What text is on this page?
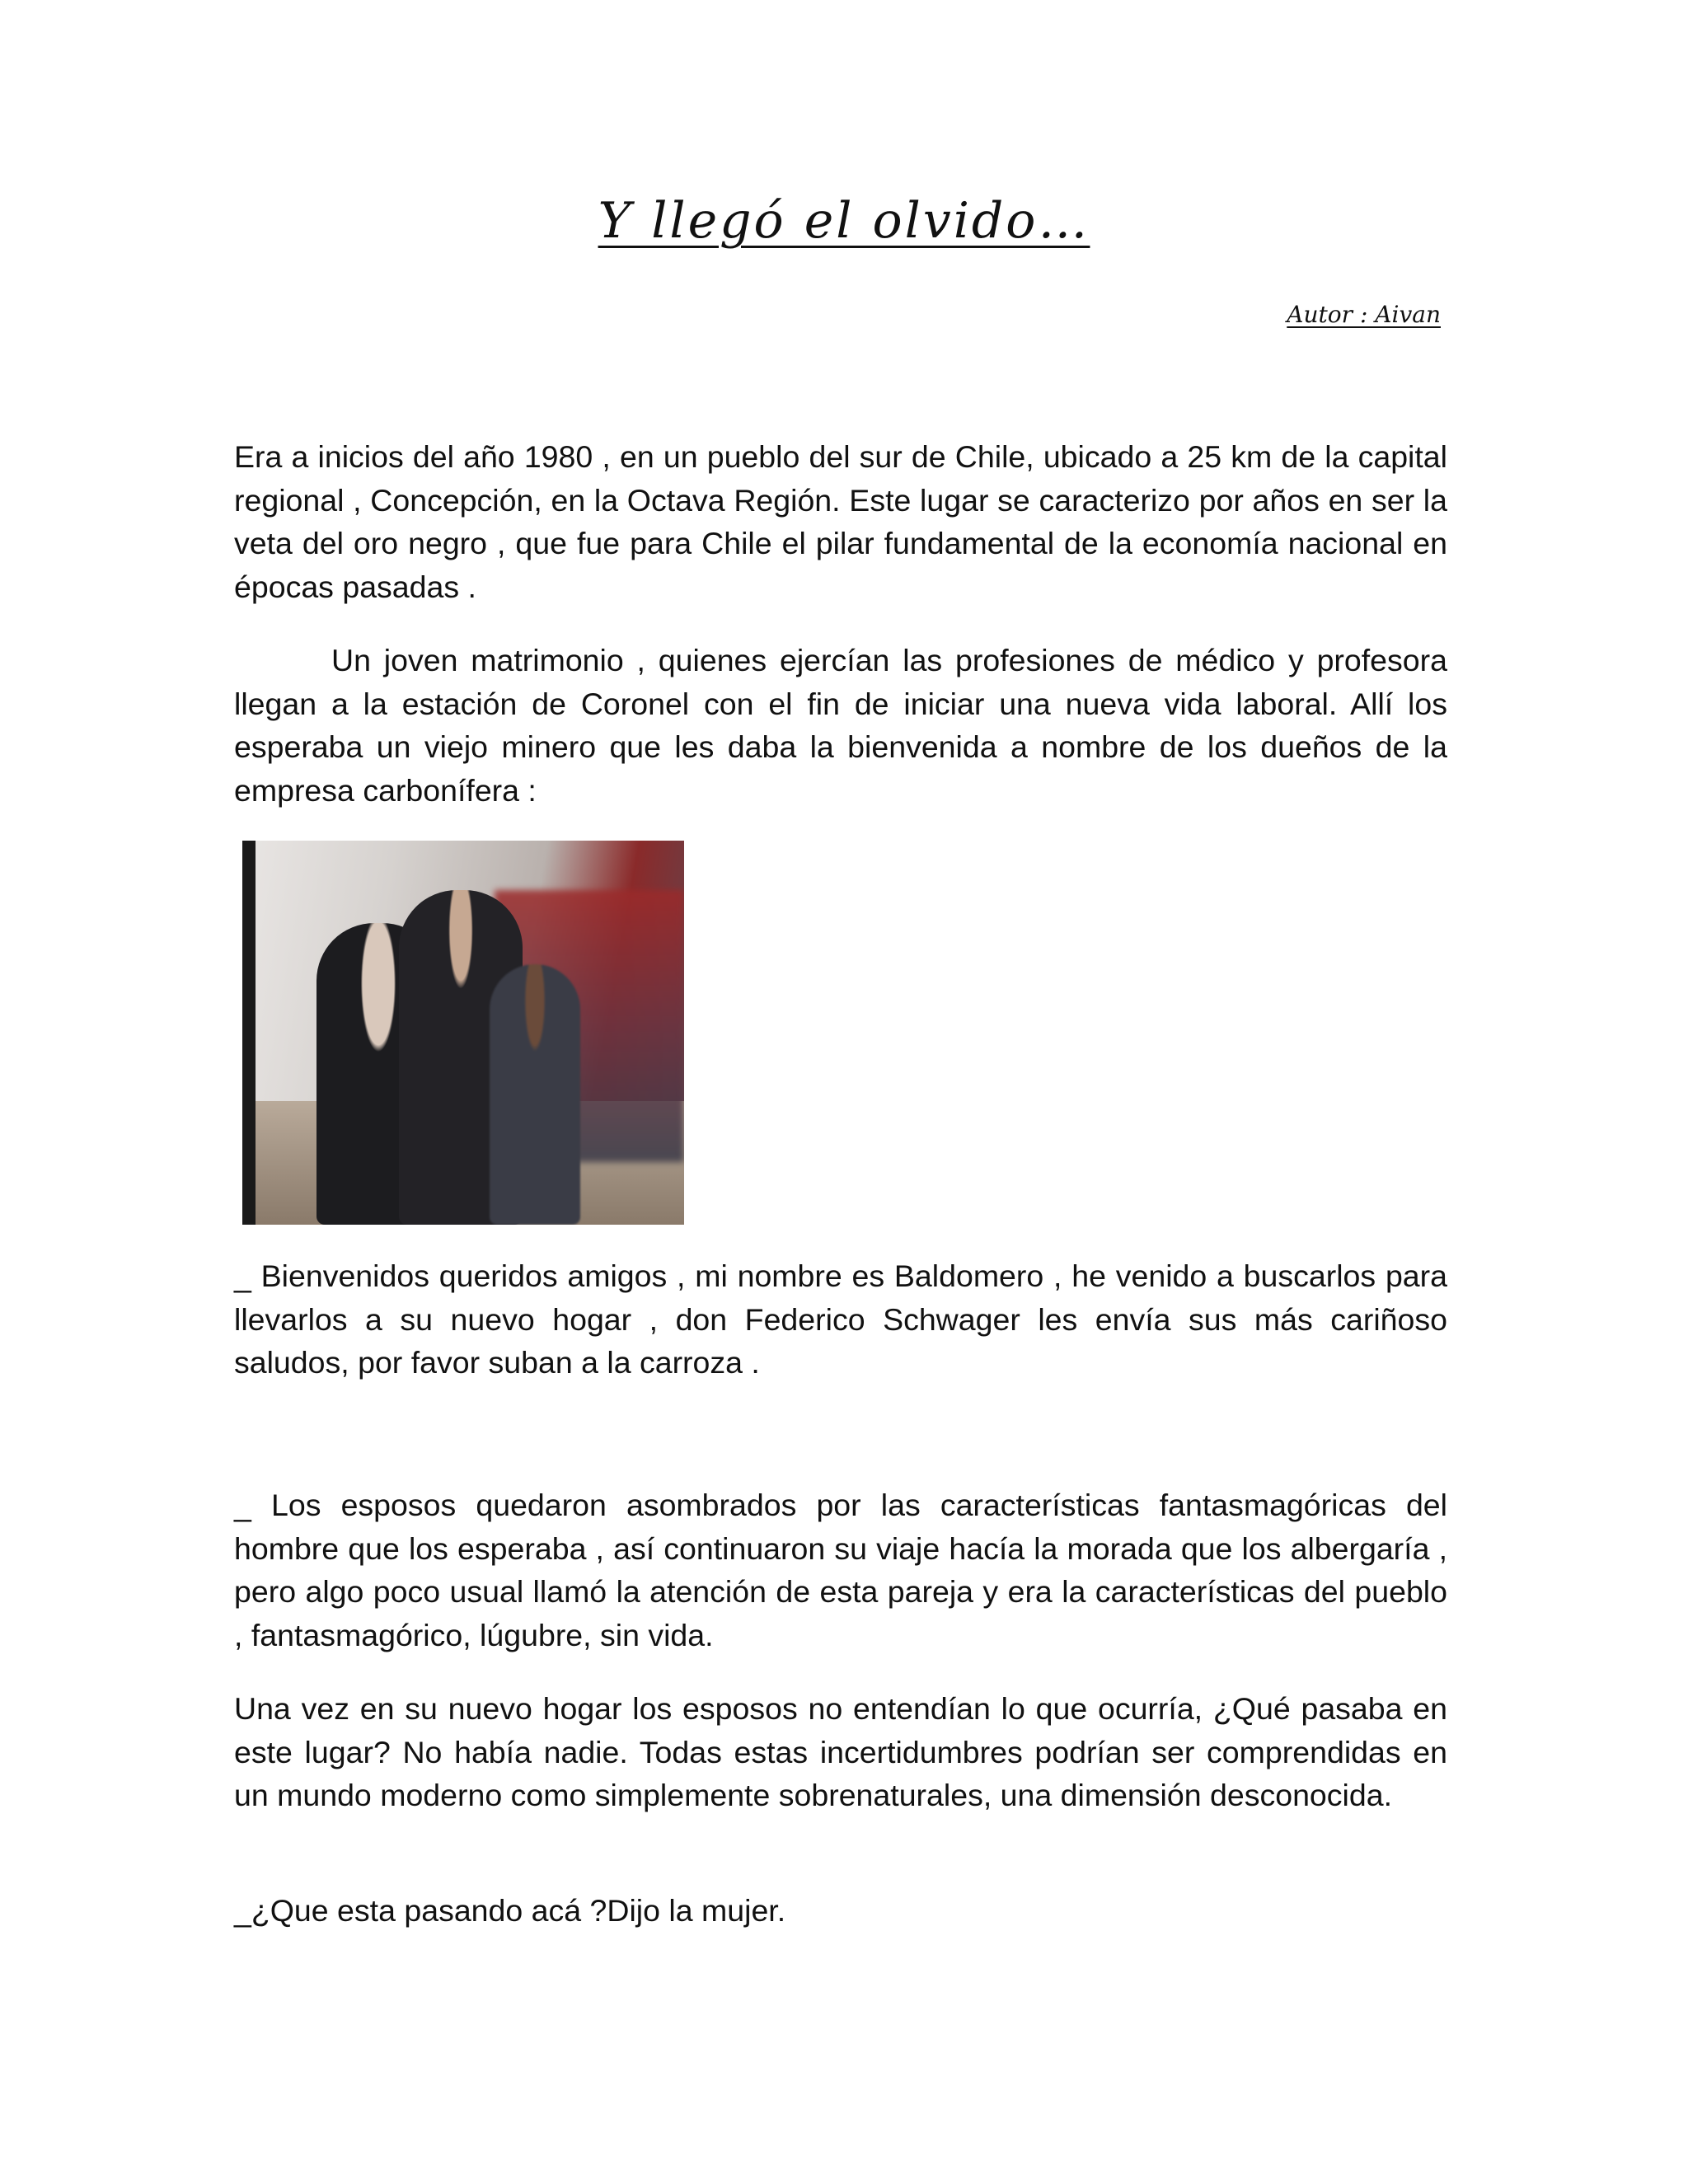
Y llegó el olvido…
Autor : Aivan

Era a inicios del año 1980 , en un pueblo del sur de Chile, ubicado a 25 km de la capital regional , Concepción, en la Octava Región. Este lugar se caracterizo por años en ser la veta del oro negro , que fue para Chile el pilar fundamental de la economía nacional en épocas pasadas .

Un joven matrimonio , quienes ejercían las profesiones de médico y profesora llegan a la estación de Coronel con el fin de iniciar una nueva vida laboral. Allí los esperaba un viejo minero que les daba la bienvenida a nombre de los dueños de la empresa carbonífera :

_ Bienvenidos queridos amigos , mi nombre es Baldomero , he venido a buscarlos para llevarlos a su nuevo hogar , don Federico Schwager les envía sus más cariñoso saludos, por favor suban a la carroza .

_ Los esposos quedaron asombrados por las características fantasmagóricas del hombre que los esperaba , así continuaron su viaje hacía la morada que los albergaría , pero algo poco usual llamó la atención de esta pareja y era la características del pueblo , fantasmagórico, lúgubre, sin vida.

Una vez en su nuevo hogar los esposos no entendían lo que ocurría, ¿Qué pasaba en este lugar? No había nadie. Todas estas incertidumbres podrían ser comprendidas en un mundo moderno como simplemente sobrenaturales, una dimensión desconocida.

_¿Que esta pasando acá ?Dijo la mujer.
